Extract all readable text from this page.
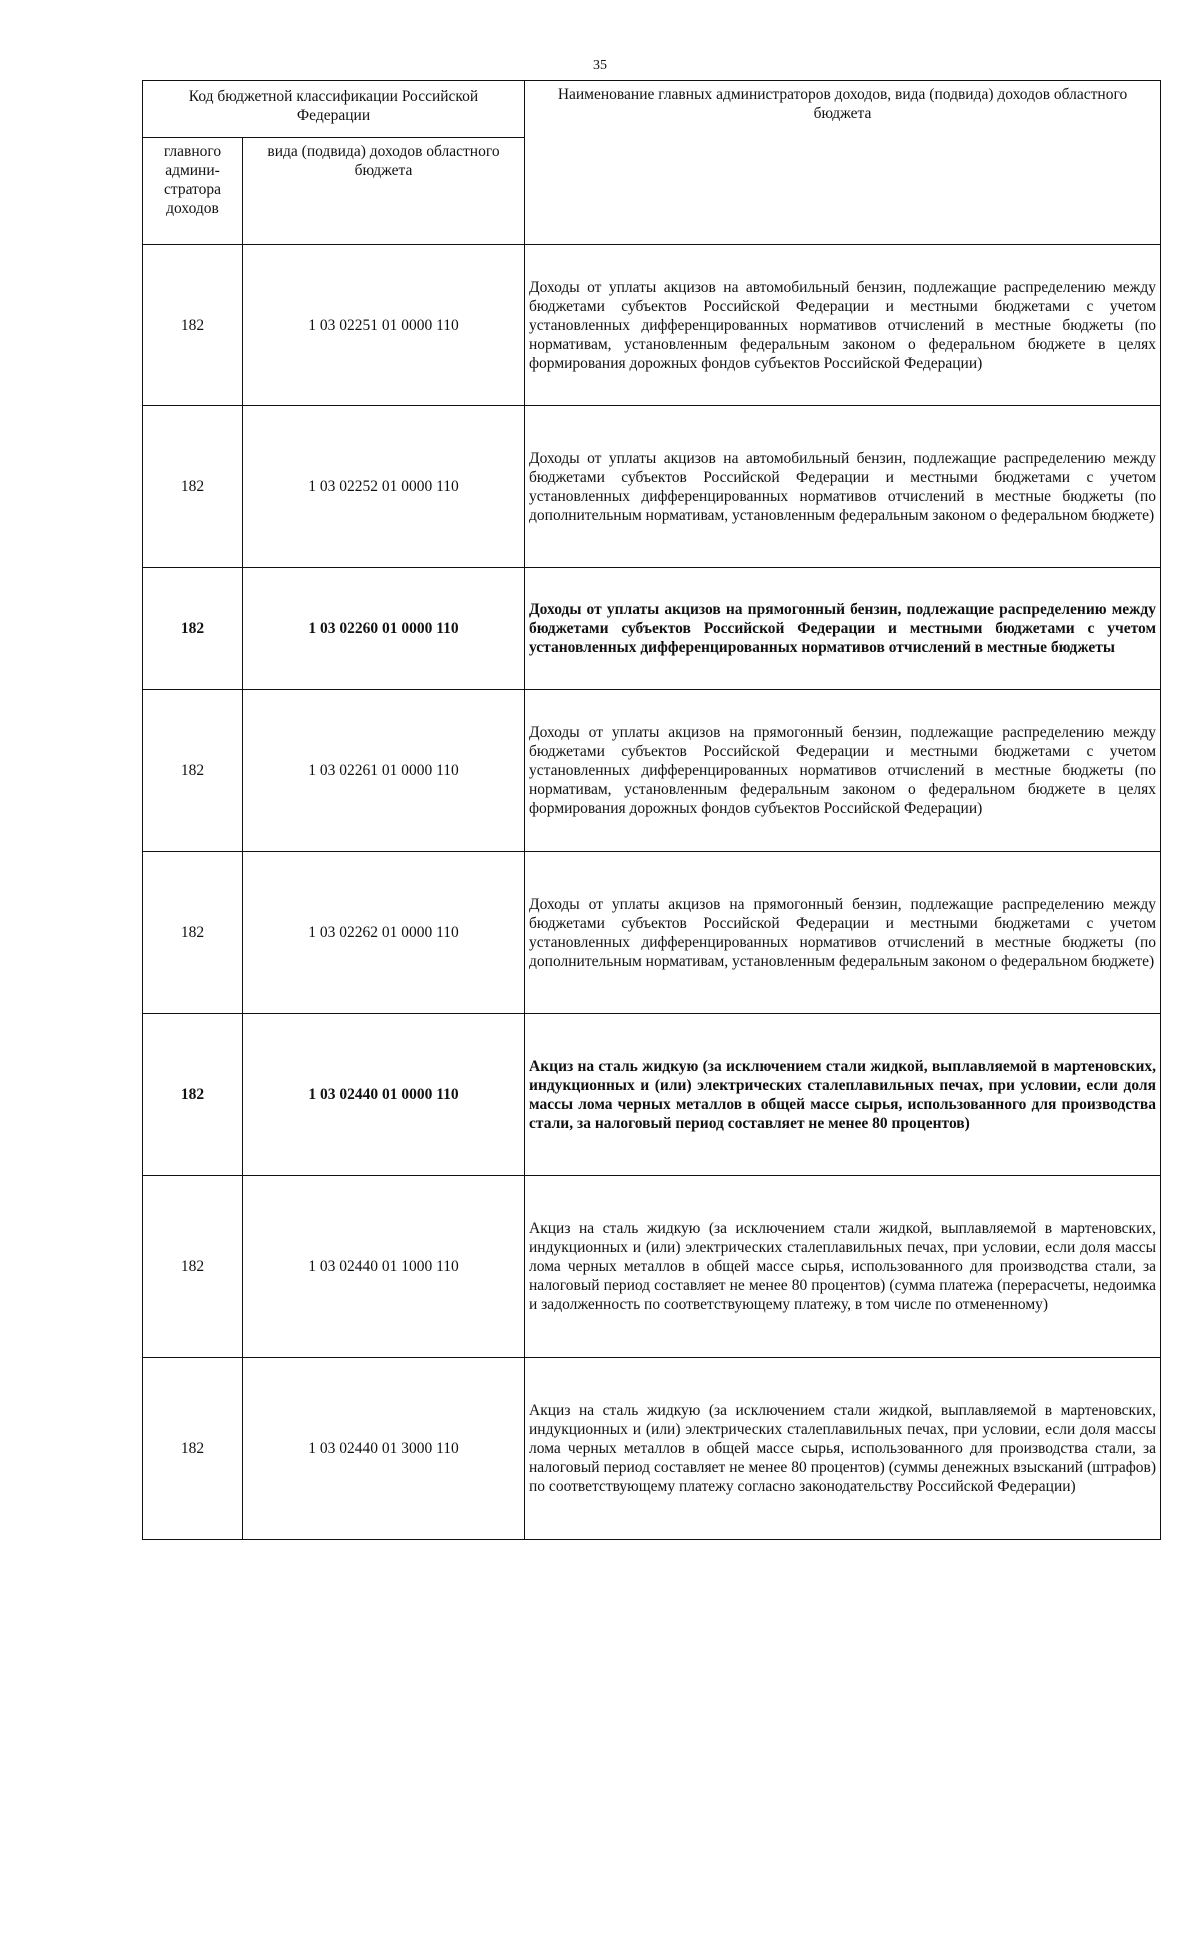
35
Код бюджетной классификации Российской Федерации		Наименование главных администраторов доходов, вида (подвида) доходов областного бюджета
главного админи-стратора доходов	вида (подвида) доходов областного бюджета	
182	1 03 02251 01 0000 110	Доходы от уплаты акцизов на автомобильный бензин, подлежащие распределению между бюджетами субъектов Российской Федерации и местными бюджетами с учетом установленных дифференцированных нормативов отчислений в местные бюджеты (по нормативам, установленным федеральным законом о федеральном бюджете в целях формирования дорожных фондов субъектов Российской Федерации)
182	1 03 02252 01 0000 110	Доходы от уплаты акцизов на автомобильный бензин, подлежащие распределению между бюджетами субъектов Российской Федерации и местными бюджетами с учетом установленных дифференцированных нормативов отчислений в местные бюджеты (по дополнительным нормативам, установленным федеральным законом о федеральном бюджете)
182	1 03 02260 01 0000 110	Доходы от уплаты акцизов на прямогонный бензин, подлежащие распределению между бюджетами субъектов Российской Федерации и местными бюджетами с учетом установленных дифференцированных нормативов отчислений в местные бюджеты
182	1 03 02261 01 0000 110	Доходы от уплаты акцизов на прямогонный бензин, подлежащие распределению между бюджетами субъектов Российской Федерации и местными бюджетами с учетом установленных дифференцированных нормативов отчислений в местные бюджеты (по нормативам, установленным федеральным законом о федеральном бюджете в целях формирования дорожных фондов субъектов Российской Федерации)
182	1 03 02262 01 0000 110	Доходы от уплаты акцизов на прямогонный бензин, подлежащие распределению между бюджетами субъектов Российской Федерации и местными бюджетами с учетом установленных дифференцированных нормативов отчислений в местные бюджеты (по дополнительным нормативам, установленным федеральным законом о федеральном бюджете)
182	1 03 02440 01 0000 110	Акциз на сталь жидкую (за исключением стали жидкой, выплавляемой в мартеновских, индукционных и (или) электрических сталеплавильных печах, при условии, если доля массы лома черных металлов в общей массе сырья, использованного для производства стали, за налоговый период составляет не менее 80 процентов)
182	1 03 02440 01 1000 110	Акциз на сталь жидкую (за исключением стали жидкой, выплавляемой в мартеновских, индукционных и (или) электрических сталеплавильных печах, при условии, если доля массы лома черных металлов в общей массе сырья, использованного для производства стали, за налоговый период составляет не менее 80 процентов) (сумма платежа (перерасчеты, недоимка и задолженность по соответствующему платежу, в том числе по отмененному)
182	1 03 02440 01 3000 110	Акциз на сталь жидкую (за исключением стали жидкой, выплавляемой в мартеновских, индукционных и (или) электрических сталеплавильных печах, при условии, если доля массы лома черных металлов в общей массе сырья, использованного для производства стали, за налоговый период составляет не менее 80 процентов) (суммы денежных взысканий (штрафов) по соответствующему платежу согласно законодательству Российской Федерации)
